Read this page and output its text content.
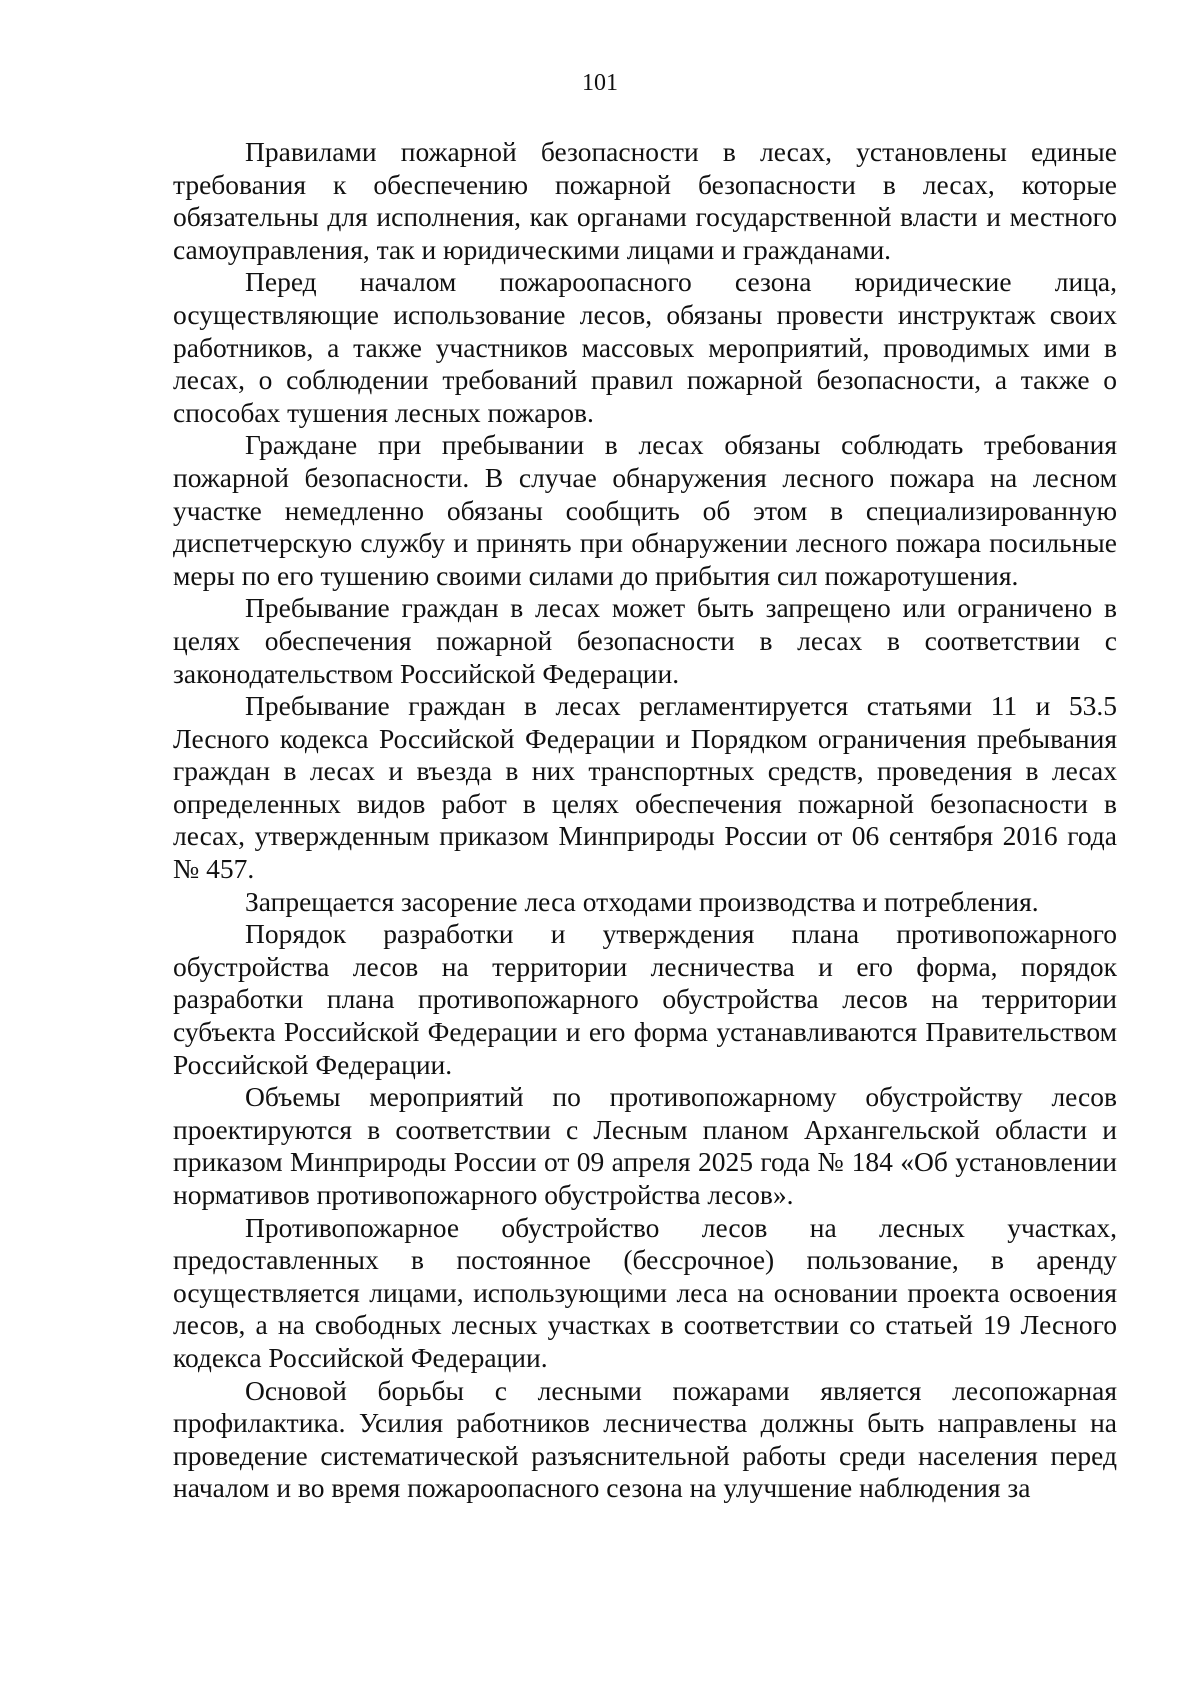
101

Правилами пожарной безопасности в лесах, установлены единые требования к обеспечению пожарной безопасности в лесах, которые обязательны для исполнения, как органами государственной власти и местного самоуправления, так и юридическими лицами и гражданами.

Перед началом пожароопасного сезона юридические лица, осуществляющие использование лесов, обязаны провести инструктаж своих работников, а также участников массовых мероприятий, проводимых ими в лесах, о соблюдении требований правил пожарной безопасности, а также о способах тушения лесных пожаров.

Граждане при пребывании в лесах обязаны соблюдать требования пожарной безопасности. В случае обнаружения лесного пожара на лесном участке немедленно обязаны сообщить об этом в специализированную диспетчерскую службу и принять при обнаружении лесного пожара посильные меры по его тушению своими силами до прибытия сил пожаротушения.

Пребывание граждан в лесах может быть запрещено или ограничено в целях обеспечения пожарной безопасности в лесах в соответствии с законодательством Российской Федерации.

Пребывание граждан в лесах регламентируется статьями 11 и 53.5 Лесного кодекса Российской Федерации и Порядком ограничения пребывания граждан в лесах и въезда в них транспортных средств, проведения в лесах определенных видов работ в целях обеспечения пожарной безопасности в лесах, утвержденным приказом Минприроды России от 06 сентября 2016 года № 457.

Запрещается засорение леса отходами производства и потребления.

Порядок разработки и утверждения плана противопожарного обустройства лесов на территории лесничества и его форма, порядок разработки плана противопожарного обустройства лесов на территории субъекта Российской Федерации и его форма устанавливаются Правительством Российской Федерации.

Объемы мероприятий по противопожарному обустройству лесов проектируются в соответствии с Лесным планом Архангельской области и приказом Минприроды России от 09 апреля 2025 года № 184 «Об установлении нормативов противопожарного обустройства лесов».

Противопожарное обустройство лесов на лесных участках, предоставленных в постоянное (бессрочное) пользование, в аренду осуществляется лицами, использующими леса на основании проекта освоения лесов, а на свободных лесных участках в соответствии со статьей 19 Лесного кодекса Российской Федерации.

Основой борьбы с лесными пожарами является лесопожарная профилактика. Усилия работников лесничества должны быть направлены на проведение систематической разъяснительной работы среди населения перед началом и во время пожароопасного сезона на улучшение наблюдения за
